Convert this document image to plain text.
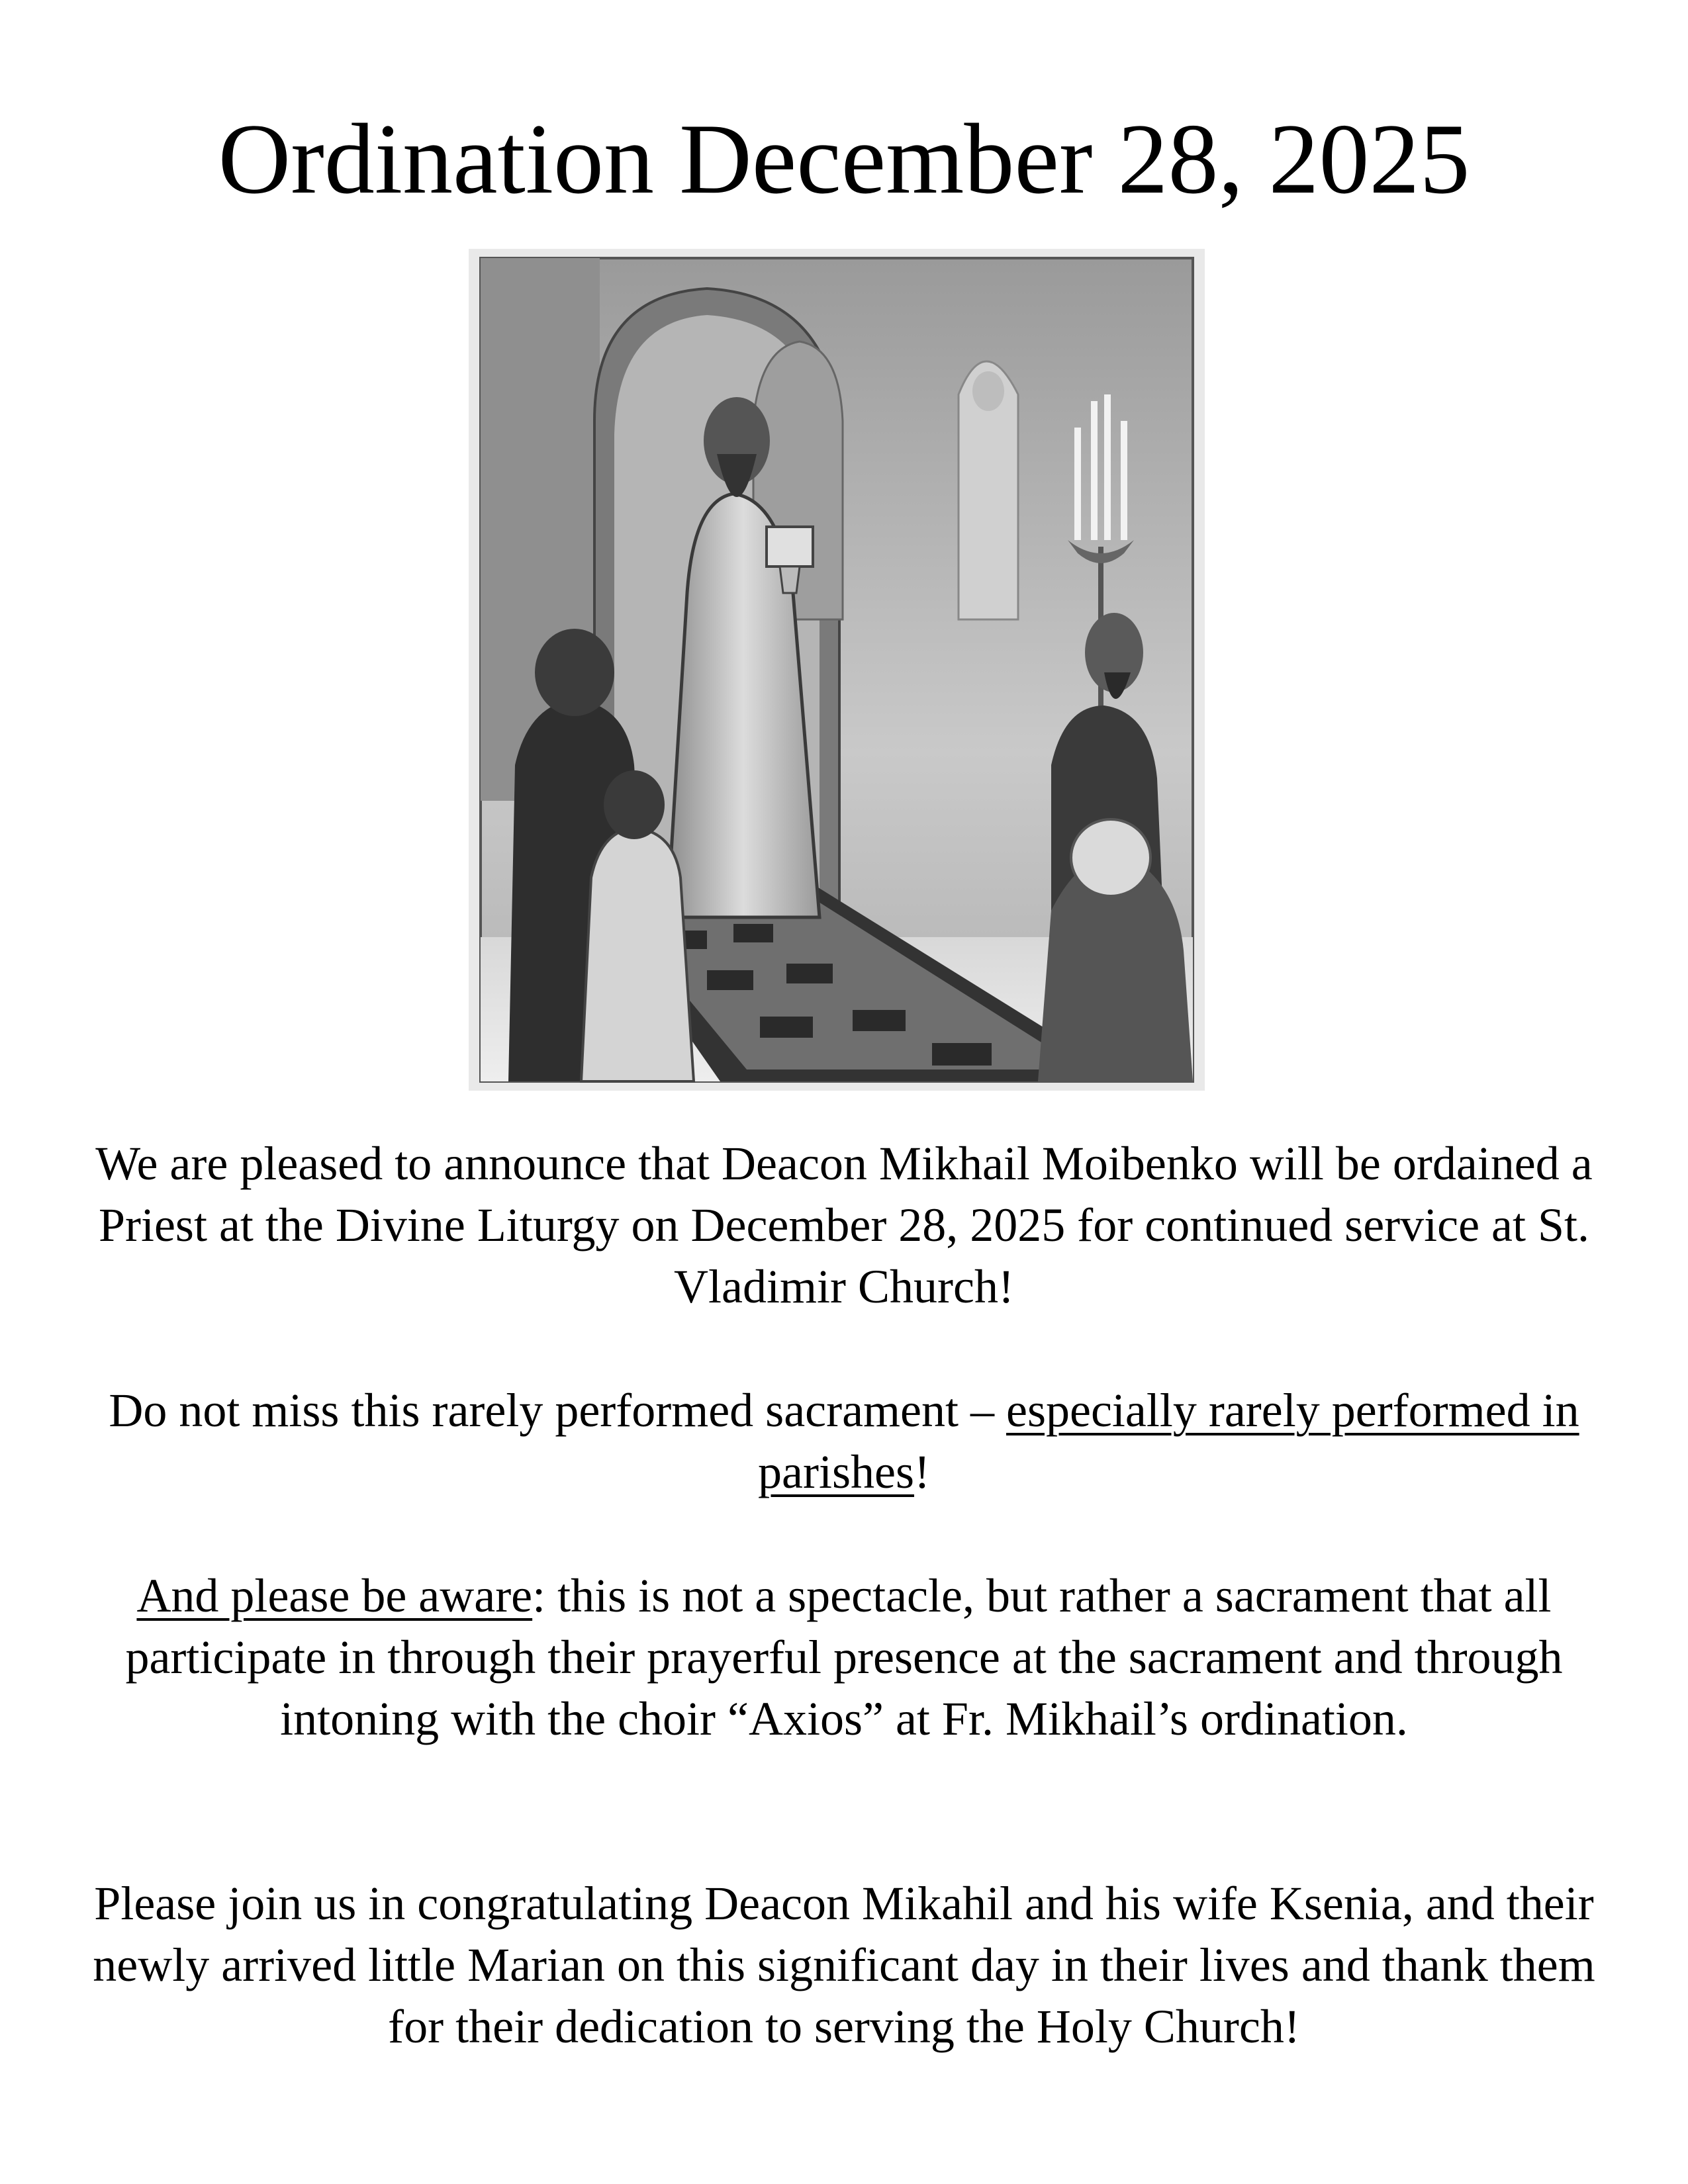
Ordination December 28, 2025

We are pleased to announce that Deacon Mikhail Moibenko will be ordained a Priest at the Divine Liturgy on December 28, 2025 for continued service at St. Vladimir Church!

Do not miss this rarely performed sacrament – especially rarely performed in parishes!

And please be aware: this is not a spectacle, but rather a sacrament that all participate in through their prayerful presence at the sacrament and through intoning with the choir “Axios” at Fr. Mikhail’s ordination.

Please join us in congratulating Deacon Mikahil and his wife Ksenia, and their newly arrived little Marian on this significant day in their lives and thank them for their dedication to serving the Holy Church!
